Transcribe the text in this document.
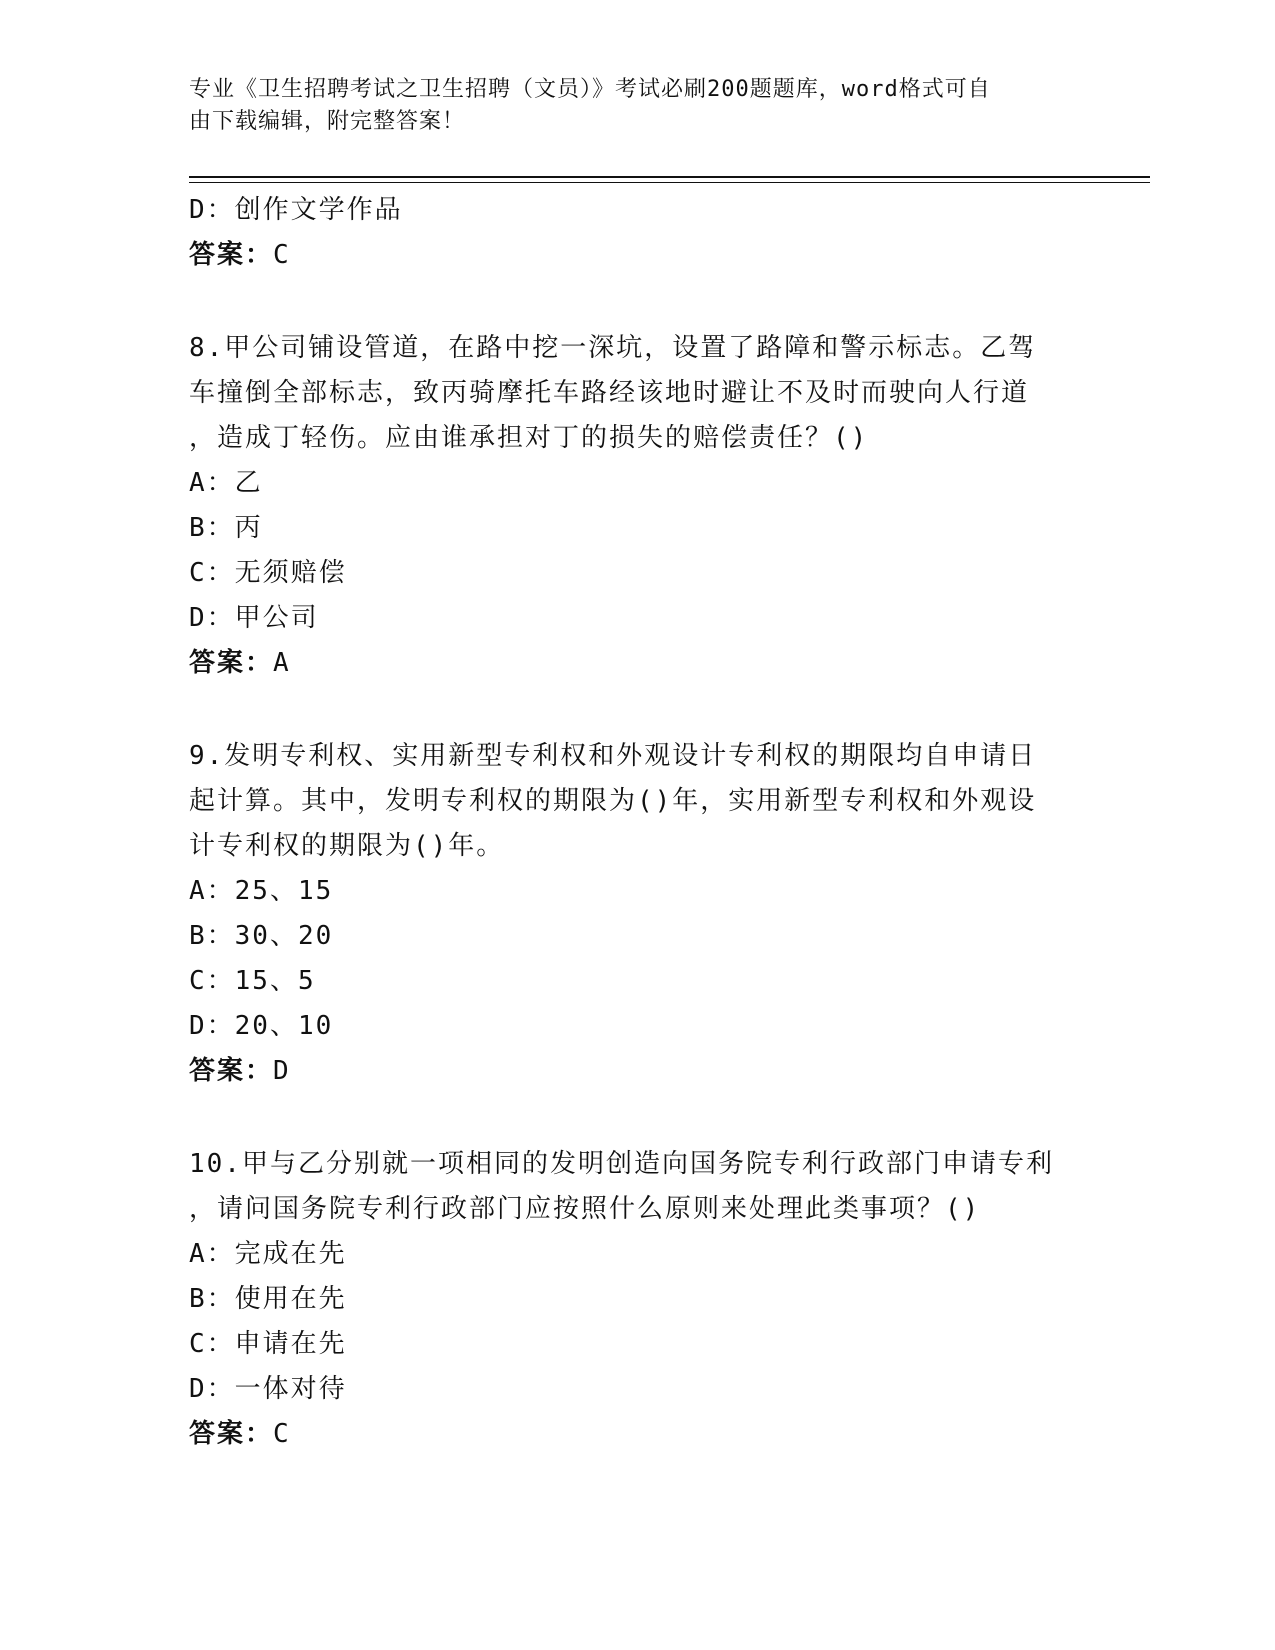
专业《卫生招聘考试之卫生招聘（文员）》考试必刷200题题库，word格式可自
由下载编辑，附完整答案！
D：创作文学作品
答案：C
8.甲公司铺设管道，在路中挖一深坑，设置了路障和警示标志。乙驾
车撞倒全部标志，致丙骑摩托车路经该地时避让不及时而驶向人行道
，造成丁轻伤。应由谁承担对丁的损失的赔偿责任？()
A：乙
B：丙
C：无须赔偿
D：甲公司
答案：A
9.发明专利权、实用新型专利权和外观设计专利权的期限均自申请日
起计算。其中，发明专利权的期限为()年，实用新型专利权和外观设
计专利权的期限为()年。
A：25、15
B：30、20
C：15、5
D：20、10
答案：D
10.甲与乙分别就一项相同的发明创造向国务院专利行政部门申请专利
，请问国务院专利行政部门应按照什么原则来处理此类事项？()
A：完成在先
B：使用在先
C：申请在先
D：一体对待
答案：C
